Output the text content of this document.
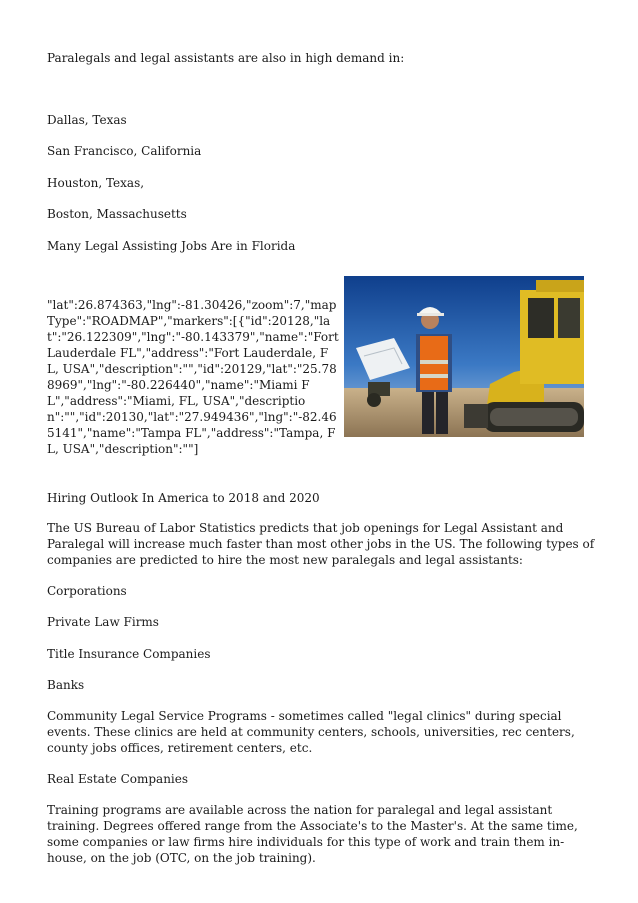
Paralegals and legal assistants are also in high demand in:

Dallas, Texas

San Francisco, California

Houston, Texas,

Boston, Massachusetts

Many Legal Assisting Jobs Are in Florida

"lat":26.874363,"lng":-81.30426,"zoom":7,"mapType":"ROADMAP","markers":[{"id":20128,"lat":"26.122309","lng":"-80.143379","name":"Fort Lauderdale FL","address":"Fort Lauderdale, FL, USA","description":"","id":20129,"lat":"25.788969","lng":"-80.226440","name":"Miami FL","address":"Miami, FL, USA","description":"","id":20130,"lat":"27.949436","lng":"-82.465141","name":"Tampa FL","address":"Tampa, FL, USA","description":""]

Hiring Outlook In America to 2018 and 2020

The US Bureau of Labor Statistics predicts that job openings for Legal Assistant and Paralegal will increase much faster than most other jobs in the US. The following types of companies are predicted to hire the most new paralegals and legal assistants:

Corporations

Private Law Firms

Title Insurance Companies

Banks

Community Legal Service Programs - sometimes called "legal clinics" during special events. These clinics are held at community centers, schools, universities, rec centers, county jobs offices, retirement centers, etc.

Real Estate Companies

Training programs are available across the nation for paralegal and legal assistant training. Degrees offered range from the Associate's to the Master's. At the same time, some companies or law firms hire individuals for this type of work and train them in-house, on the job (OTC, on the job training).
